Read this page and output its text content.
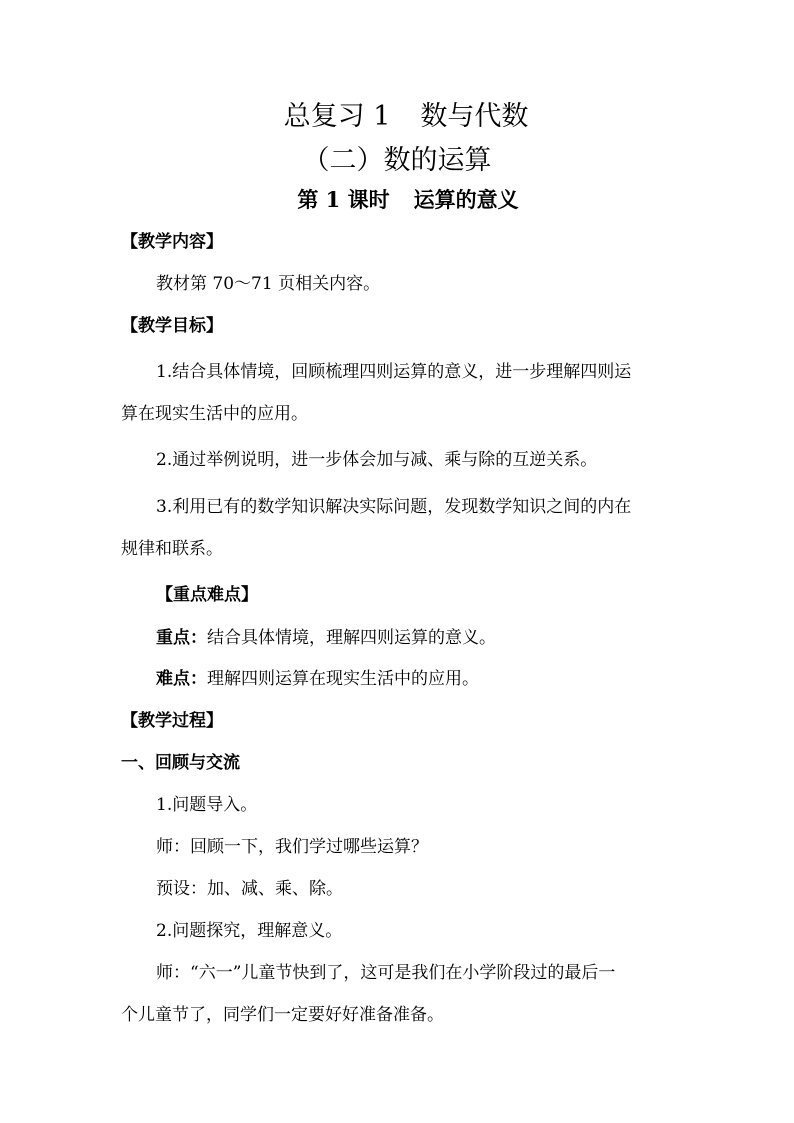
总复习 1 数与代数
（二）数的运算
第 1 课时 运算的意义
【教学内容】
教材第 70～71 页相关内容。
【教学目标】
1.结合具体情境，回顾梳理四则运算的意义，进一步理解四则运
算在现实生活中的应用。
2.通过举例说明，进一步体会加与减、乘与除的互逆关系。
3.利用已有的数学知识解决实际问题，发现数学知识之间的内在
规律和联系。
【重点难点】
重点：结合具体情境，理解四则运算的意义。
难点：理解四则运算在现实生活中的应用。
【教学过程】
一、回顾与交流
1.问题导入。
师：回顾一下，我们学过哪些运算？
预设：加、减、乘、除。
2.问题探究，理解意义。
师：“六一”儿童节快到了，这可是我们在小学阶段过的最后一
个儿童节了，同学们一定要好好准备准备。
